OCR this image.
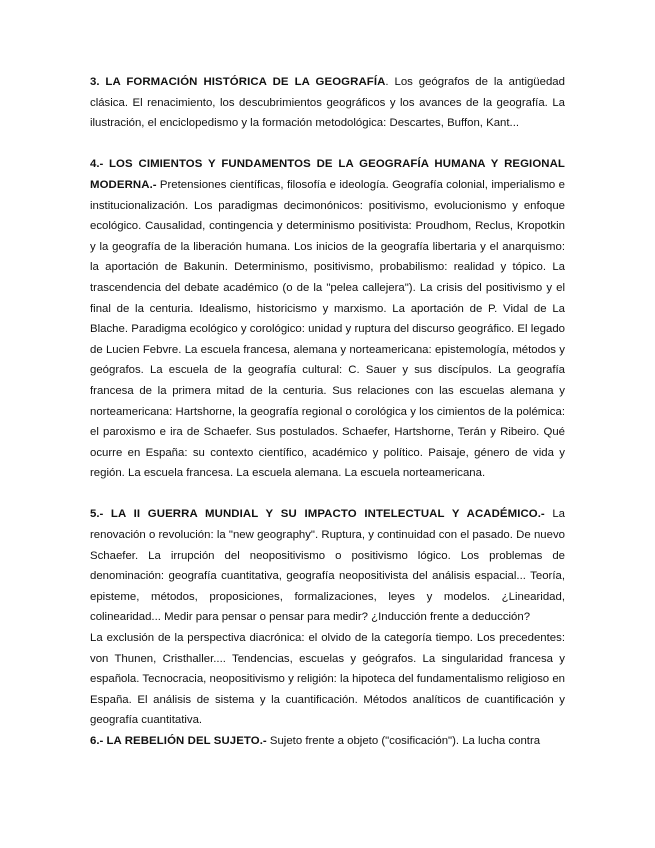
3. LA FORMACIÓN HISTÓRICA DE LA GEOGRAFÍA. Los geógrafos de la antigüedad clásica. El renacimiento, los descubrimientos geográficos y los avances de la geografía. La ilustración, el enciclopedismo y la formación metodológica: Descartes, Buffon, Kant...

4.- LOS CIMIENTOS Y FUNDAMENTOS DE LA GEOGRAFÍA HUMANA Y REGIONAL MODERNA.- Pretensiones científicas, filosofía e ideología. Geografía colonial, imperialismo e institucionalización. Los paradigmas decimonónicos: positivismo, evolucionismo y enfoque ecológico. Causalidad, contingencia y determinismo positivista: Proudhom, Reclus, Kropotkin y la geografía de la liberación humana. Los inicios de la geografía libertaria y el anarquismo: la aportación de Bakunin. Determinismo, positivismo, probabilismo: realidad y tópico. La trascendencia del debate académico (o de la "pelea callejera"). La crisis del positivismo y el final de la centuria. Idealismo, historicismo y marxismo. La aportación de P. Vidal de La Blache. Paradigma ecológico y corológico: unidad y ruptura del discurso geográfico. El legado de Lucien Febvre. La escuela francesa, alemana y norteamericana: epistemología, métodos y geógrafos. La escuela de la geografía cultural: C. Sauer y sus discípulos. La geografía francesa de la primera mitad de la centuria. Sus relaciones con las escuelas alemana y norteamericana: Hartshorne, la geografía regional o corológica y los cimientos de la polémica: el paroxismo e ira de Schaefer. Sus postulados. Schaefer, Hartshorne, Terán y Ribeiro. Qué ocurre en España: su contexto científico, académico y político. Paisaje, género de vida y región. La escuela francesa. La escuela alemana. La escuela norteamericana.

5.- LA II GUERRA MUNDIAL Y SU IMPACTO INTELECTUAL Y ACADÉMICO.- La renovación o revolución: la "new geography". Ruptura, y continuidad con el pasado. De nuevo Schaefer. La irrupción del neopositivismo o positivismo lógico. Los problemas de denominación: geografía cuantitativa, geografía neopositivista del análisis espacial... Teoría, episteme, métodos, proposiciones, formalizaciones, leyes y modelos. ¿Linearidad, colinearidad... Medir para pensar o pensar para medir? ¿Inducción frente a deducción?

La exclusión de la perspectiva diacrónica: el olvido de la categoría tiempo. Los precedentes: von Thunen, Cristhaller.... Tendencias, escuelas y geógrafos. La singularidad francesa y española. Tecnocracia, neopositivismo y religión: la hipoteca del fundamentalismo religioso en España. El análisis de sistema y la cuantificación. Métodos analíticos de cuantificación y geografía cuantitativa.

6.- LA REBELIÓN DEL SUJETO.- Sujeto frente a objeto ("cosificación"). La lucha contra
